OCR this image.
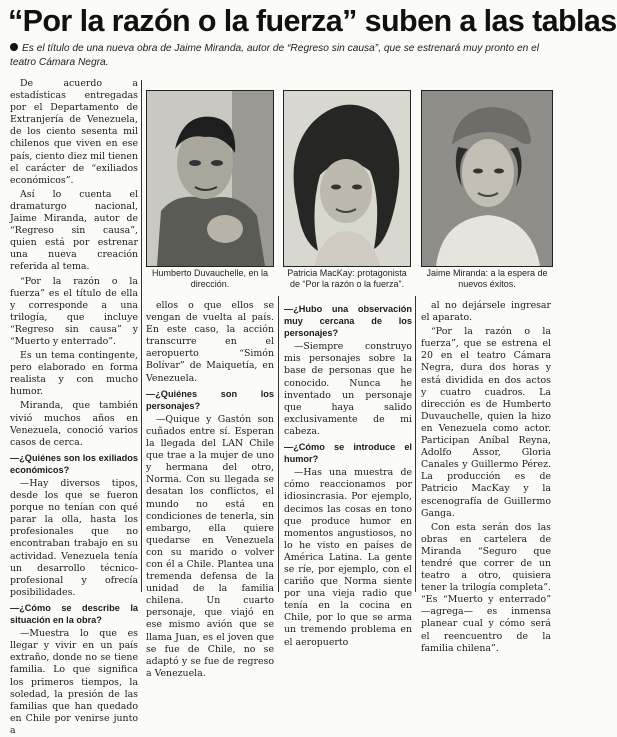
“Por la razón o la fuerza” suben a las tablas
Es el título de una nueva obra de Jaime Miranda, autor de “Regreso sin causa”, que se estrenará muy pronto en el teatro Cámara Negra.

De acuerdo a estadísticas entregadas por el Departamento de Extranjería de Venezuela, de los ciento sesenta mil chilenos que viven en ese país, ciento diez mil tienen el carácter de “exiliados económicos”.

Así lo cuenta el dramaturgo nacional, Jaime Miranda, autor de “Regreso sin causa”, quien está por estrenar una nueva creación referida al tema.

“Por la razón o la fuerza” es el título de ella y corresponde a una trilogía, que incluye “Regreso sin causa” y “Muerto y enterrado”.

Es un tema contingente, pero elaborado en forma realista y con mucho humor.

Miranda, que también vivió muchos años en Venezuela, conoció varios casos de cerca.

—¿Quiénes son los exiliados económicos?

—Hay diversos tipos, desde los que se fueron porque no tenían con qué parar la olla, hasta los profesionales que no encontraban trabajo en su actividad. Venezuela tenía un desarrollo técnico-profesional y ofrecía posibilidades.

—¿Cómo se describe la situación en la obra?

—Muestra lo que es llegar y vivir en un país extraño, donde no se tiene familia. Lo que significa los primeros tiempos, la soledad, la presión de las familias que han quedado en Chile por venirse junto a

Humberto Duvauchelle, en la dirección.
Patricia MacKay: protagonista de “Por la razón o la fuerza”.
Jaime Miranda: a la espera de nuevos éxitos.

ellos o que ellos se vengan de vuelta al país. En este caso, la acción transcurre en el aeropuerto “Simón Bolívar” de Maiquetía, en Venezuela.

—¿Quiénes son los personajes?

—Quique y Gastón son cuñados entre sí. Esperan la llegada del LAN Chile que trae a la mujer de uno y hermana del otro, Norma. Con su llegada se desatan los conflictos, el mundo no está en condiciones de tenerla, sin embargo, ella quiere quedarse en Venezuela con su marido o volver con él a Chile. Plantea una tremenda defensa de la unidad de la familia chilena. Un cuarto personaje, que viajó en ese mismo avión que se llama Juan, es el joven que se fue de Chile, no se adaptó y se fue de regreso a Venezuela.

—¿Hubo una observación muy cercana de los personajes?

—Siempre construyo mis personajes sobre la base de personas que he conocido. Nunca he inventado un personaje que haya salido exclusivamente de mi cabeza.

—¿Cómo se introduce el humor?

—Has una muestra de cómo reaccionamos por idiosincrasia. Por ejemplo, decimos las cosas en tono que produce humor en momentos angustiosos, no lo he visto en países de América Latina. La gente se ríe, por ejemplo, con el cariño que Norma siente por una vieja radio que tenía en la cocina en Chile, por lo que se arma un tremendo problema en el aeropuerto

al no dejársele ingresar el aparato.

“Por la razón o la fuerza”, que se estrena el 20 en el teatro Cámara Negra, dura dos horas y está dividida en dos actos y cuatro cuadros. La dirección es de Humberto Duvauchelle, quien la hizo en Venezuela como actor. Participan Aníbal Reyna, Adolfo Assor, Gloria Canales y Guillermo Pérez. La producción es de Patricio MacKay y la escenografía de Guillermo Ganga.

Con esta serán dos las obras en cartelera de Miranda “Seguro que tendré que correr de un teatro a otro, quisiera tener la trilogía completa”. “Es “Muerto y enterrado” —agrega— es inmensa planear cual y cómo será el reencuentro de la familia chilena”.
